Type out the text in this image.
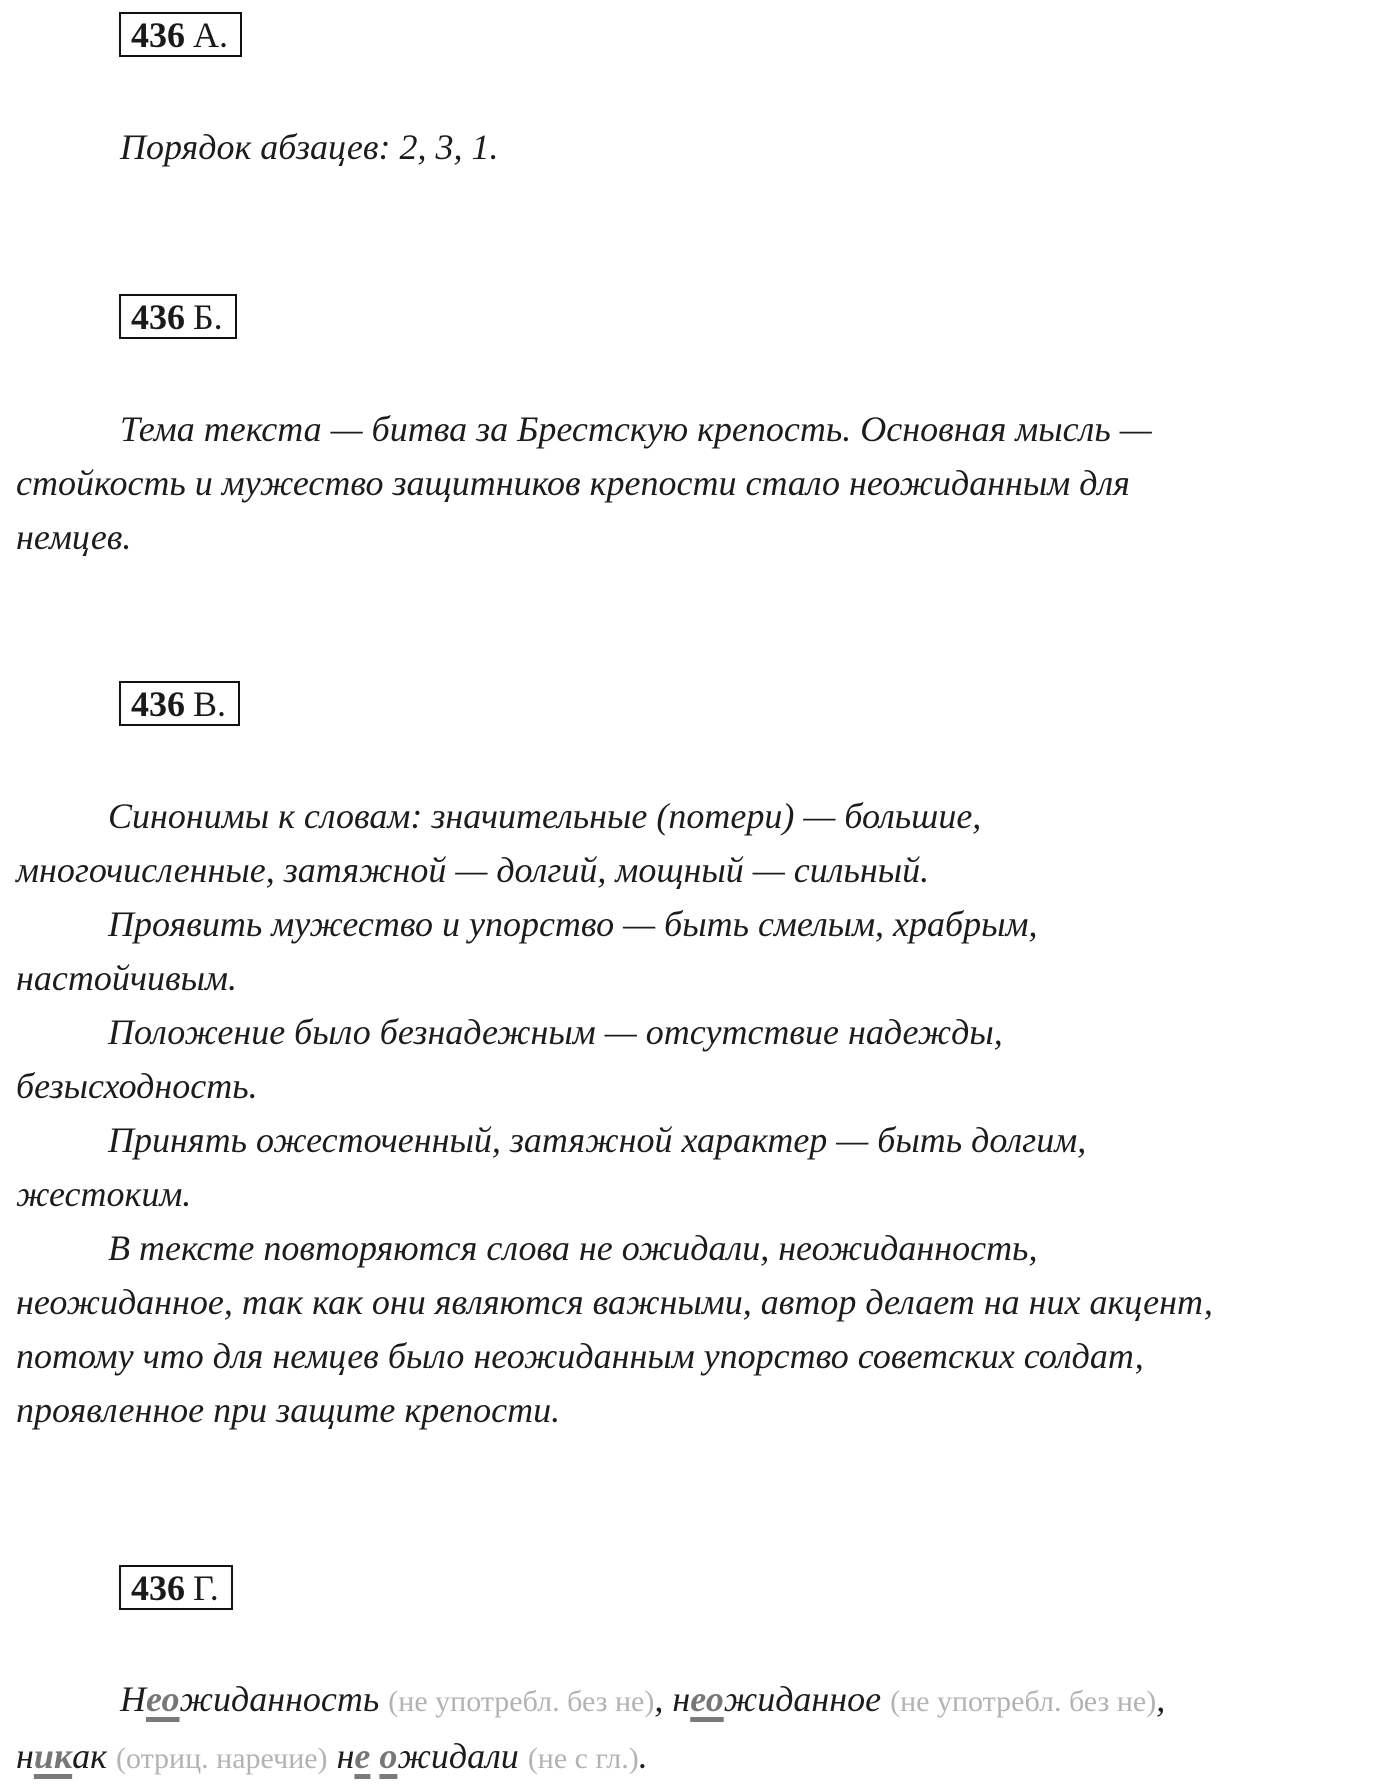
436 А.

Порядок абзацев: 2, 3, 1.

436 Б.

Тема текста — битва за Брестскую крепость. Основная мысль —

стойкость и мужество защитников крепости стало неожиданным для

немцев.

436 В.

Синонимы к словам: значительные (потери) — большие,

многочисленные, затяжной — долгий, мощный — сильный.

Проявить мужество и упорство — быть смелым, храбрым,

настойчивым.

Положение было безнадежным — отсутствие надежды,

безысходность.

Принять ожесточенный, затяжной характер — быть долгим,

жестоким.

В тексте повторяются слова не ожидали, неожиданность,

неожиданное, так как они являются важными, автор делает на них акцент,

потому что для немцев было неожиданным упорство советских солдат,

проявленное при защите крепости.

436 Г.

Неожиданность (не употребл. без не), неожиданное (не употребл. без не),

никак (отриц. наречие) не ожидали (не с гл.).
